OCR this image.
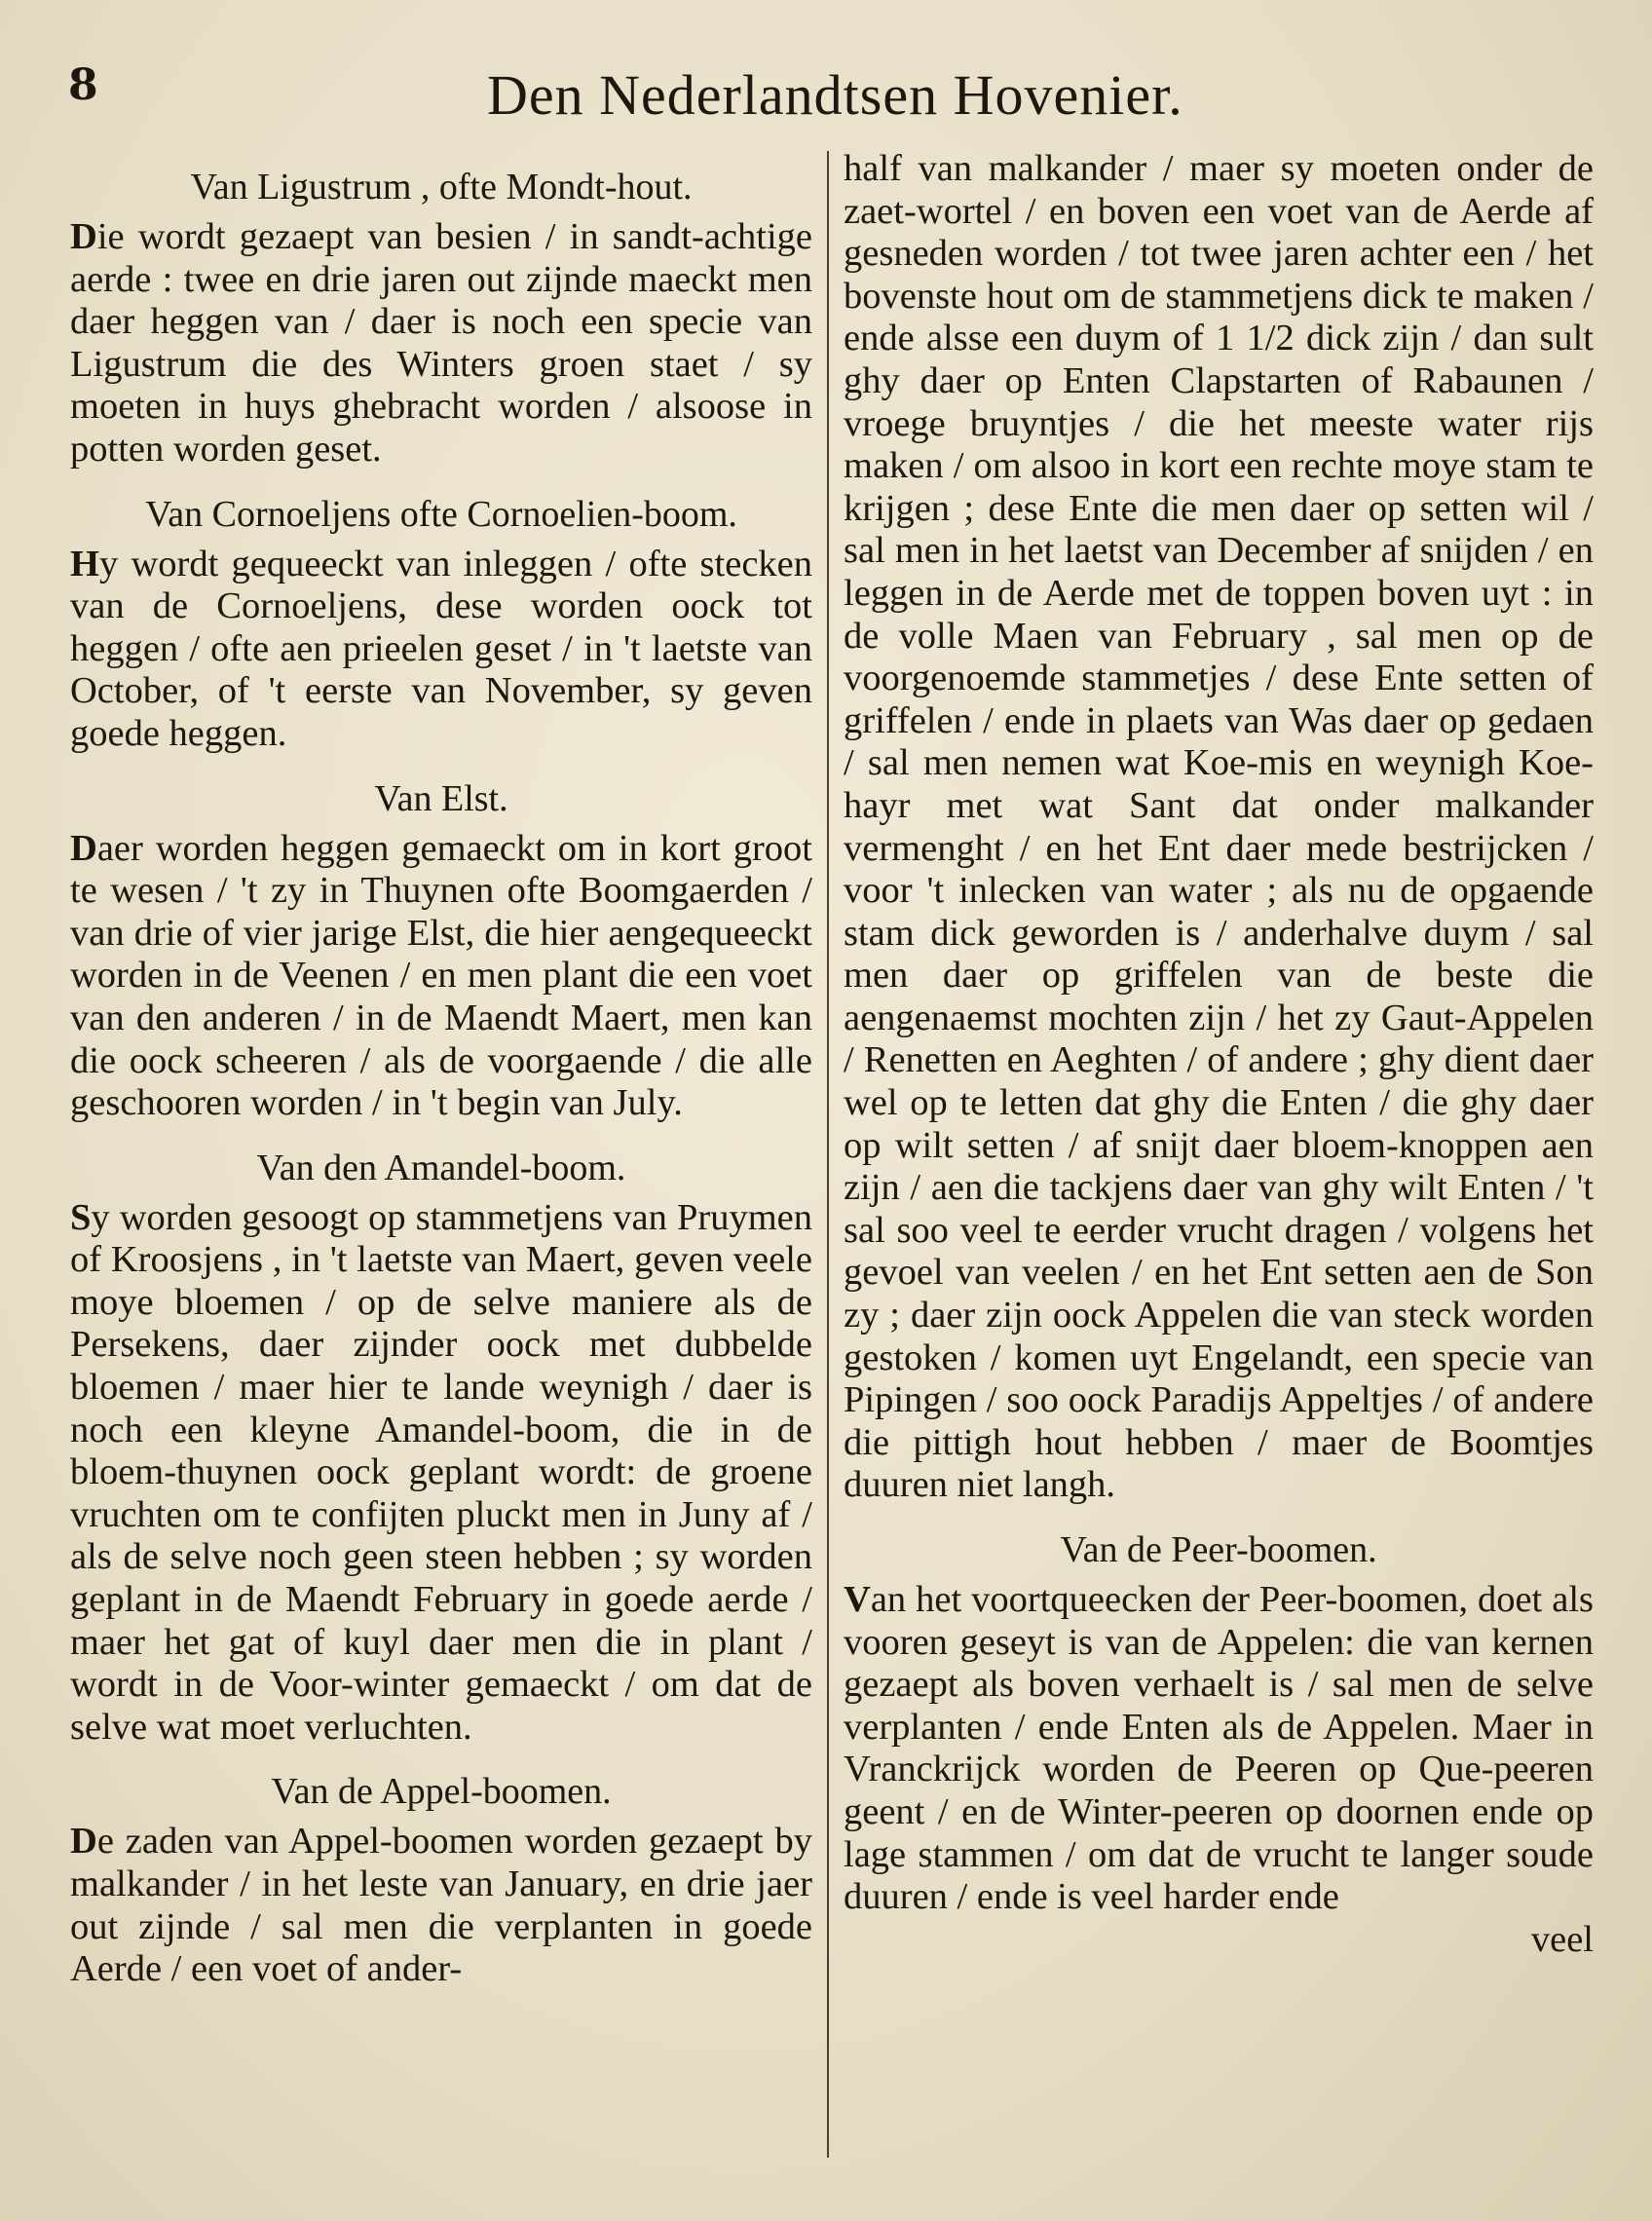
8	Den Nederlandtsen Hovenier.
Van Ligustrum , ofte Mondt-hout.

Die wordt gezaept van besien / in sandt-achtige aerde : twee en drie jaren out zijnde maeckt men daer heggen van / daer is noch een specie van Ligustrum die des Winters groen staet / sy moeten in huys ghebracht worden / alsoose in potten worden geset.

Van Cornoeljens ofte Cornoelien-boom.

Hy wordt gequeeckt van inleggen / ofte stecken van de Cornoeljens, dese worden oock tot heggen / ofte aen prieelen geset / in 't laetste van October, of 't eerste van November, sy geven goede heggen.

Van Elst.

Daer worden heggen gemaeckt om in kort groot te wesen / 't zy in Thuynen ofte Boomgaerden / van drie of vier jarige Elst, die hier aengequeeckt worden in de Veenen / en men plant die een voet van den anderen / in de Maendt Maert, men kan die oock scheeren / als de voorgaende / die alle geschooren worden / in 't begin van July.

Van den Amandel-boom.

Sy worden gesoogt op stammetjens van Pruymen of Kroosjens , in 't laetste van Maert, geven veele moye bloemen / op de selve maniere als de Persekens, daer zijnder oock met dubbelde bloemen / maer hier te lande weynigh / daer is noch een kleyne Amandel-boom, die in de bloem-thuynen oock geplant wordt: de groene vruchten om te confijten pluckt men in Juny af / als de selve noch geen steen hebben ; sy worden geplant in de Maendt February in goede aerde / maer het gat of kuyl daer men die in plant / wordt in de Voor-winter gemaeckt / om dat de selve wat moet verluchten.

Van de Appel-boomen.

De zaden van Appel-boomen worden gezaept by malkander / in het leste van January, en drie jaer out zijnde / sal men die verplanten in goede Aerde / een voet of ander-

half van malkander / maer sy moeten onder de zaet-wortel / en boven een voet van de Aerde af gesneden worden / tot twee jaren achter een / het bovenste hout om de stammetjens dick te maken / ende alsse een duym of 1 1/2 dick zijn / dan sult ghy daer op Enten Clapstarten of Rabaunen / vroege bruyntjes / die het meeste water rijs maken / om alsoo in kort een rechte moye stam te krijgen ; dese Ente die men daer op setten wil / sal men in het laetst van December af snijden / en leggen in de Aerde met de toppen boven uyt : in de volle Maen van February , sal men op de voorgenoemde stammetjes / dese Ente setten of griffelen / ende in plaets van Was daer op gedaen / sal men nemen wat Koe-mis en weynigh Koe-hayr met wat Sant dat onder malkander vermenght / en het Ent daer mede bestrijcken / voor 't inlecken van water ; als nu de opgaende stam dick geworden is / anderhalve duym / sal men daer op griffelen van de beste die aengenaemst mochten zijn / het zy Gaut-Appelen / Renetten en Aeghten / of andere ; ghy dient daer wel op te letten dat ghy die Enten / die ghy daer op wilt setten / af snijt daer bloem-knoppen aen zijn / aen die tackjens daer van ghy wilt Enten / 't sal soo veel te eerder vrucht dragen / volgens het gevoel van veelen / en het Ent setten aen de Son zy ; daer zijn oock Appelen die van steck worden gestoken / komen uyt Engelandt, een specie van Pipingen / soo oock Paradijs Appeltjes / of andere die pittigh hout hebben / maer de Boomtjes duuren niet langh.

Van de Peer-boomen.

Van het voortqueecken der Peer-boomen, doet als vooren geseyt is van de Appelen: die van kernen gezaept als boven verhaelt is / sal men de selve verplanten / ende Enten als de Appelen. Maer in Vranckrijck worden de Peeren op Que-peeren geent / en de Winter-peeren op doornen ende op lage stammen / om dat de vrucht te langer soude duuren / ende is veel harder ende

veel
